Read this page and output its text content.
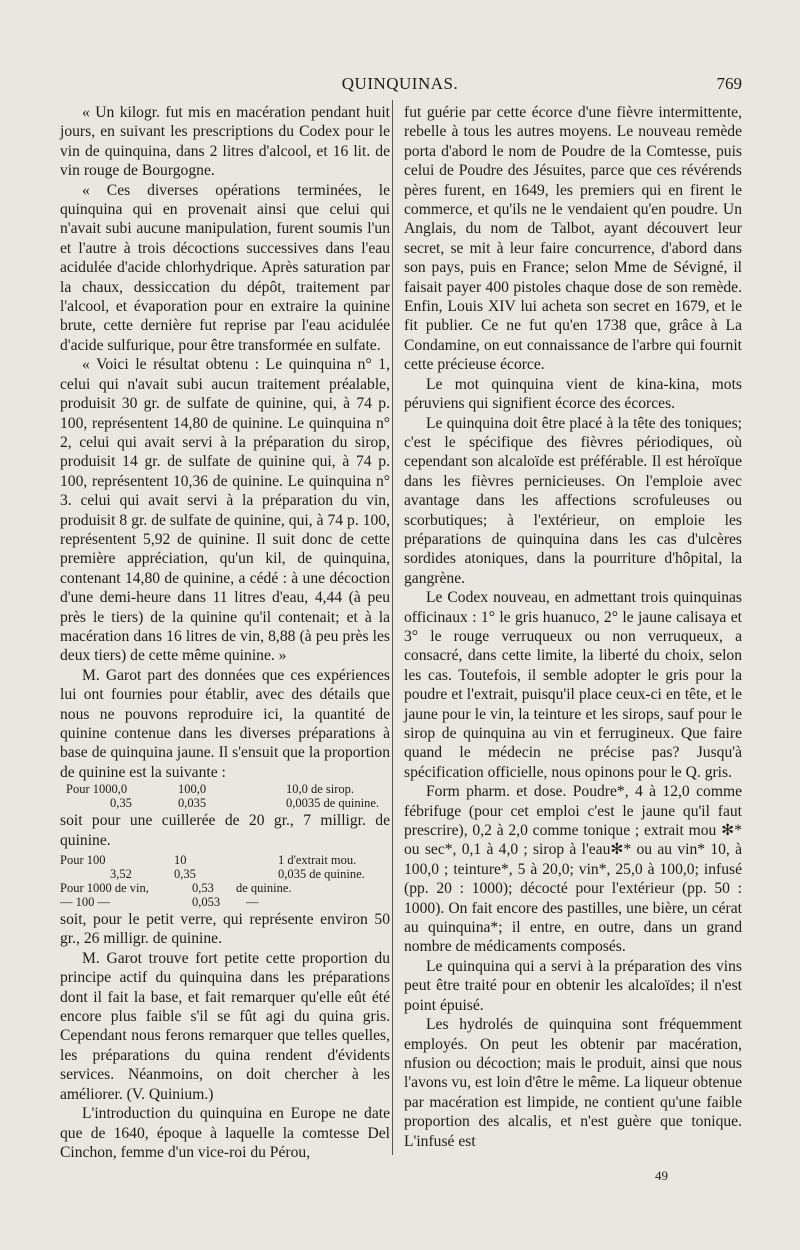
QUINQUINAS.	769

« Un kilogr. fut mis en macération pendant huit jours, en suivant les prescriptions du Codex pour le vin de quinquina, dans 2 litres d'alcool, et 16 lit. de vin rouge de Bourgogne.

« Ces diverses opérations terminées, le quinquina qui en provenait ainsi que celui qui n'avait subi aucune manipulation, furent soumis l'un et l'autre à trois décoctions successives dans l'eau acidulée d'acide chlorhydrique. Après saturation par la chaux, dessiccation du dépôt, traitement par l'alcool, et évaporation pour en extraire la quinine brute, cette dernière fut reprise par l'eau acidulée d'acide sulfurique, pour être transformée en sulfate.

« Voici le résultat obtenu : Le quinquina n° 1, celui qui n'avait subi aucun traitement préalable, produisit 30 gr. de sulfate de quinine, qui, à 74 p. 100, représentent 14,80 de quinine. Le quinquina n° 2, celui qui avait servi à la préparation du sirop, produisit 14 gr. de sulfate de quinine qui, à 74 p. 100, représentent 10,36 de quinine. Le quinquina n° 3. celui qui avait servi à la préparation du vin, produisit 8 gr. de sulfate de quinine, qui, à 74 p. 100, représentent 5,92 de quinine. Il suit donc de cette première appréciation, qu'un kil, de quinquina, contenant 14,80 de quinine, a cédé : à une décoction d'une demi-heure dans 11 litres d'eau, 4,44 (à peu près le tiers) de la quinine qu'il contenait; et à la macération dans 16 litres de vin, 8,88 (à peu près les deux tiers) de cette même quinine. »

M. Garot part des données que ces expériences lui ont fournies pour établir, avec des détails que nous ne pouvons reproduire ici, la quantité de quinine contenue dans les diverses préparations à base de quinquina jaune. Il s'ensuit que la proportion de quinine est la suivante :

Pour 1000,0	100,0	10,0 de sirop.
0,35	0,035	0,0035 de quinine.

soit pour une cuillerée de 20 gr., 7 milligr. de quinine.

Pour 100	10	1 d'extrait mou.
3,52	0,35	0,035 de quinine.
Pour 1000 de vin,	0,53	de quinine.
— 100 —	0,053	—

soit, pour le petit verre, qui représente environ 50 gr., 26 milligr. de quinine.

M. Garot trouve fort petite cette proportion du principe actif du quinquina dans les préparations dont il fait la base, et fait remarquer qu'elle eût été encore plus faible s'il se fût agi du quina gris. Cependant nous ferons remarquer que telles quelles, les préparations du quina rendent d'évidents services. Néanmoins, on doit chercher à les améliorer. (V. Quinium.)

L'introduction du quinquina en Europe ne date que de 1640, époque à laquelle la comtesse Del Cinchon, femme d'un vice-roi du Pérou,

fut guérie par cette écorce d'une fièvre intermittente, rebelle à tous les autres moyens. Le nouveau remède porta d'abord le nom de Poudre de la Comtesse, puis celui de Poudre des Jésuites, parce que ces révérends pères furent, en 1649, les premiers qui en firent le commerce, et qu'ils ne le vendaient qu'en poudre. Un Anglais, du nom de Talbot, ayant découvert leur secret, se mit à leur faire concurrence, d'abord dans son pays, puis en France; selon Mme de Sévigné, il faisait payer 400 pistoles chaque dose de son remède. Enfin, Louis XIV lui acheta son secret en 1679, et le fit publier. Ce ne fut qu'en 1738 que, grâce à La Condamine, on eut connaissance de l'arbre qui fournit cette précieuse écorce.

Le mot quinquina vient de kina-kina, mots péruviens qui signifient écorce des écorces.

Le quinquina doit être placé à la tête des toniques; c'est le spécifique des fièvres périodiques, où cependant son alcaloïde est préférable. Il est héroïque dans les fièvres pernicieuses. On l'emploie avec avantage dans les affections scrofuleuses ou scorbutiques; à l'extérieur, on emploie les préparations de quinquina dans les cas d'ulcères sordides atoniques, dans la pourriture d'hôpital, la gangrène.

Le Codex nouveau, en admettant trois quinquinas officinaux : 1° le gris huanuco, 2° le jaune calisaya et 3° le rouge verruqueux ou non verruqueux, a consacré, dans cette limite, la liberté du choix, selon les cas. Toutefois, il semble adopter le gris pour la poudre et l'extrait, puisqu'il place ceux-ci en tête, et le jaune pour le vin, la teinture et les sirops, sauf pour le sirop de quinquina au vin et ferrugineux. Que faire quand le médecin ne précise pas? Jusqu'à spécification officielle, nous opinons pour le Q. gris.

Form pharm. et dose. Poudre*, 4 à 12,0 comme fébrifuge (pour cet emploi c'est le jaune qu'il faut prescrire), 0,2 à 2,0 comme tonique ; extrait mou ✻* ou sec*, 0,1 à 4,0 ; sirop à l'eau✻* ou au vin* 10, à 100,0 ; teinture*, 5 à 20,0; vin*, 25,0 à 100,0; infusé (pp. 20 : 1000); décocté pour l'extérieur (pp. 50 : 1000). On fait encore des pastilles, une bière, un cérat au quinquina*; il entre, en outre, dans un grand nombre de médicaments composés.

Le quinquina qui a servi à la préparation des vins peut être traité pour en obtenir les alcaloïdes; il n'est point épuisé.

Les hydrolés de quinquina sont fréquemment employés. On peut les obtenir par macération, nfusion ou décoction; mais le produit, ainsi que nous l'avons vu, est loin d'être le même. La liqueur obtenue par macération est limpide, ne contient qu'une faible proportion des alcalis, et n'est guère que tonique. L'infusé est

49
